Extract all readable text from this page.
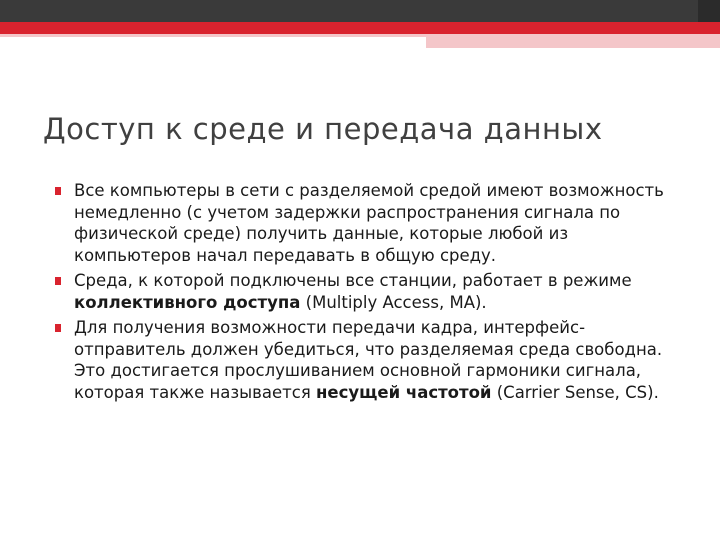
Доступ к среде и передача данных
Все компьютеры в сети с разделяемой средой имеют возможность немедленно (с учетом задержки распространения сигнала по физической среде) получить данные, которые любой из компьютеров начал передавать в общую среду.
Среда, к которой подключены все станции, работает в режиме коллективного доступа (Multiply Access, MA).
Для получения возможности передачи кадра, интерфейс-отправитель должен убедиться, что разделяемая среда свободна. Это достигается прослушиванием основной гармоники сигнала, которая также называется несущей частотой (Carrier Sense, CS).
